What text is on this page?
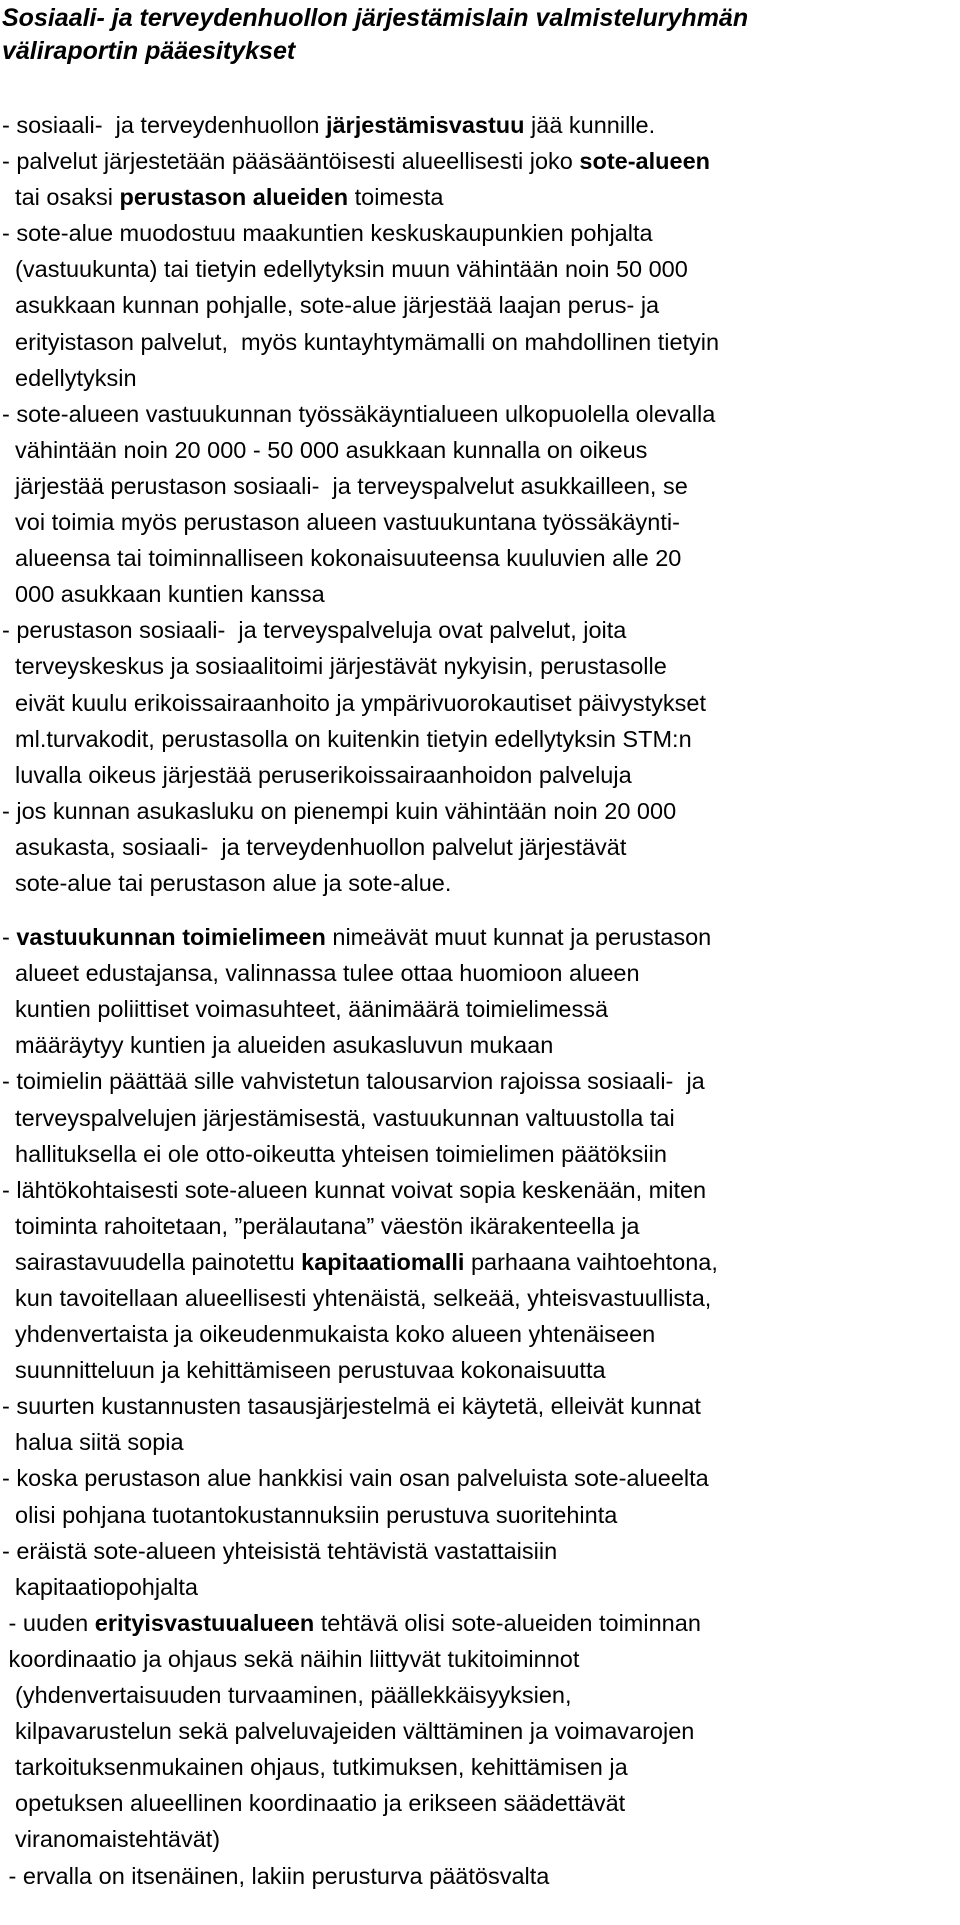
Sosiaali- ja terveydenhuollon järjestämislain valmisteluryhmän
väliraportin pääesitykset
- sosiaali-  ja terveydenhuollon järjestämisvastuu jää kunnille.
- palvelut järjestetään pääsääntöisesti alueellisesti joko sote-alueen
tai osaksi perustason alueiden toimesta
- sote-alue muodostuu maakuntien keskuskaupunkien pohjalta
(vastuukunta) tai tietyin edellytyksin muun vähintään noin 50 000
asukkaan kunnan pohjalle, sote-alue järjestää laajan perus- ja
erityistason palvelut,  myös kuntayhtymämalli on mahdollinen tietyin
edellytyksin
- sote-alueen vastuukunnan työssäkäyntialueen ulkopuolella olevalla
vähintään noin 20 000 - 50 000 asukkaan kunnalla on oikeus
järjestää perustason sosiaali-  ja terveyspalvelut asukkailleen, se
voi toimia myös perustason alueen vastuukuntana työssäkäynti-
alueensa tai toiminnalliseen kokonaisuuteensa kuuluvien alle 20
000 asukkaan kuntien kanssa
- perustason sosiaali-  ja terveyspalveluja ovat palvelut, joita
terveyskeskus ja sosiaalitoimi järjestävät nykyisin, perustasolle
eivät kuulu erikoissairaanhoito ja ympärivuorokautiset päivystykset
ml.turvakodit, perustasolla on kuitenkin tietyin edellytyksin STM:n
luvalla oikeus järjestää peruserikoissairaanhoidon palveluja
- jos kunnan asukasluku on pienempi kuin vähintään noin 20 000
asukasta, sosiaali-  ja terveydenhuollon palvelut järjestävät
sote-alue tai perustason alue ja sote-alue.
- vastuukunnan toimielimeen nimeävät muut kunnat ja perustason
alueet edustajansa, valinnassa tulee ottaa huomioon alueen
kuntien poliittiset voimasuhteet, äänimäärä toimielimessä
määräytyy kuntien ja alueiden asukasluvun mukaan
- toimielin päättää sille vahvistetun talousarvion rajoissa sosiaali-  ja
terveyspalvelujen järjestämisestä, vastuukunnan valtuustolla tai
hallituksella ei ole otto-oikeutta yhteisen toimielimen päätöksiin
- lähtökohtaisesti sote-alueen kunnat voivat sopia keskenään, miten
toiminta rahoitetaan, ”perälautana” väestön ikärakenteella ja
sairastavuudella painotettu kapitaatiomalli parhaana vaihtoehtona,
kun tavoitellaan alueellisesti yhtenäistä, selkeää, yhteisvastuullista,
yhdenvertaista ja oikeudenmukaista koko alueen yhtenäiseen
suunnitteluun ja kehittämiseen perustuvaa kokonaisuutta
- suurten kustannusten tasausjärjestelmä ei käytetä, elleivät kunnat
halua siitä sopia
- koska perustason alue hankkisi vain osan palveluista sote-alueelta
olisi pohjana tuotantokustannuksiin perustuva suoritehinta
- eräistä sote-alueen yhteisistä tehtävistä vastattaisiin
kapitaatiopohjalta
- uuden erityisvastuualueen tehtävä olisi sote-alueiden toiminnan
koordinaatio ja ohjaus sekä näihin liittyvät tukitoiminnot
(yhdenvertaisuuden turvaaminen, päällekkäisyyksien,
kilpavarustelun sekä palveluvajeiden välttäminen ja voimavarojen
tarkoituksenmukainen ohjaus, tutkimuksen, kehittämisen ja
opetuksen alueellinen koordinaatio ja erikseen säädettävät
viranomaistehtävät)
- ervalla on itsenäinen, lakiin perusturva päätösvalta
